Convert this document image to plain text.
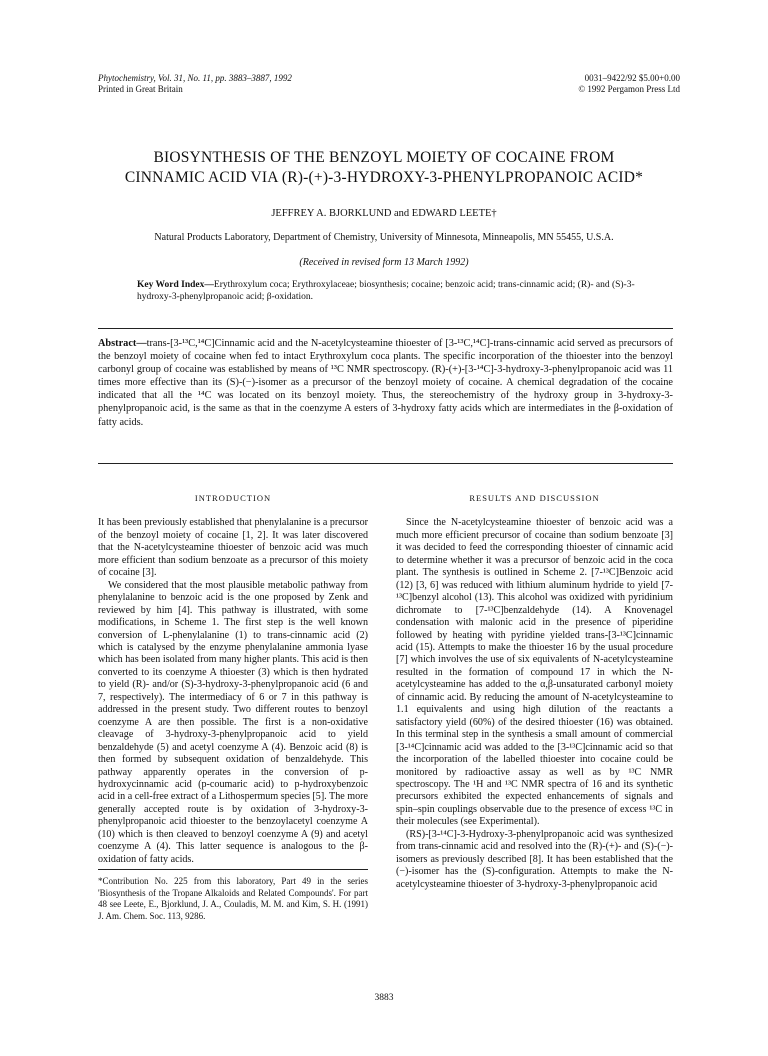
Phytochemistry, Vol. 31, No. 11, pp. 3883–3887, 1992
Printed in Great Britain
0031–9422/92 $5.00+0.00
© 1992 Pergamon Press Ltd
BIOSYNTHESIS OF THE BENZOYL MOIETY OF COCAINE FROM
CINNAMIC ACID VIA (R)-(+)-3-HYDROXY-3-PHENYLPROPANOIC ACID*
JEFFREY A. BJORKLUND and EDWARD LEETE†
Natural Products Laboratory, Department of Chemistry, University of Minnesota, Minneapolis, MN 55455, U.S.A.
(Received in revised form 13 March 1992)
Key Word Index—Erythroxylum coca; Erythroxylaceae; biosynthesis; cocaine; benzoic acid; trans-cinnamic acid; (R)- and (S)-3-hydroxy-3-phenylpropanoic acid; β-oxidation.
Abstract—trans-[3-¹³C,¹⁴C]Cinnamic acid and the N-acetylcysteamine thioester of [3-¹³C,¹⁴C]-trans-cinnamic acid served as precursors of the benzoyl moiety of cocaine when fed to intact Erythroxylum coca plants. The specific incorporation of the thioester into the benzoyl carbonyl group of cocaine was established by means of ¹³C NMR spectroscopy. (R)-(+)-[3-¹⁴C]-3-hydroxy-3-phenylpropanoic acid was 11 times more effective than its (S)-(−)-isomer as a precursor of the benzoyl moiety of cocaine. A chemical degradation of the cocaine indicated that all the ¹⁴C was located on its benzoyl moiety. Thus, the stereochemistry of the hydroxy group in 3-hydroxy-3-phenylpropanoic acid, is the same as that in the coenzyme A esters of 3-hydroxy fatty acids which are intermediates in the β-oxidation of fatty acids.
INTRODUCTION

It has been previously established that phenylalanine is a precursor of the benzoyl moiety of cocaine [1, 2]. It was later discovered that the N-acetylcysteamine thioester of benzoic acid was much more efficient than sodium benzoate as a precursor of this moiety of cocaine [3].

We considered that the most plausible metabolic pathway from phenylalanine to benzoic acid is the one proposed by Zenk and reviewed by him [4]. This pathway is illustrated, with some modifications, in Scheme 1. The first step is the well known conversion of L-phenylalanine (1) to trans-cinnamic acid (2) which is catalysed by the enzyme phenylalanine ammonia lyase which has been isolated from many higher plants. This acid is then converted to its coenzyme A thioester (3) which is then hydrated to yield (R)- and/or (S)-3-hydroxy-3-phenylpropanoic acid (6 and 7, respectively). The intermediacy of 6 or 7 in this pathway is addressed in the present study. Two different routes to benzoyl coenzyme A are then possible. The first is a non-oxidative cleavage of 3-hydroxy-3-phenylpropanoic acid to yield benzaldehyde (5) and acetyl coenzyme A (4). Benzoic acid (8) is then formed by subsequent oxidation of benzaldehyde. This pathway apparently operates in the conversion of p-hydroxycinnamic acid (p-coumaric acid) to p-hydroxybenzoic acid in a cell-free extract of a Lithospermum species [5]. The more generally accepted route is by oxidation of 3-hydroxy-3-phenylpropanoic acid thioester to the benzoylacetyl coenzyme A (10) which is then cleaved to benzoyl coenzyme A (9) and acetyl coenzyme A (4). This latter sequence is analogous to the β-oxidation of fatty acids.

*Contribution No. 225 from this laboratory, Part 49 in the series 'Biosynthesis of the Tropane Alkaloids and Related Compounds'. For part 48 see Leete, E., Bjorklund, J. A., Couladis, M. M. and Kim, S. H. (1991) J. Am. Chem. Soc. 113, 9286.
RESULTS AND DISCUSSION

Since the N-acetylcysteamine thioester of benzoic acid was a much more efficient precursor of cocaine than sodium benzoate [3] it was decided to feed the corresponding thioester of cinnamic acid to determine whether it was a precursor of benzoic acid in the coca plant. The synthesis is outlined in Scheme 2. [7-¹³C]Benzoic acid (12) [3, 6] was reduced with lithium aluminum hydride to yield [7-¹³C]benzyl alcohol (13). This alcohol was oxidized with pyridinium dichromate to [7-¹³C]benzaldehyde (14). A Knovenagel condensation with malonic acid in the presence of piperidine followed by heating with pyridine yielded trans-[3-¹³C]cinnamic acid (15). Attempts to make the thioester 16 by the usual procedure [7] which involves the use of six equivalents of N-acetylcysteamine resulted in the formation of compound 17 in which the N-acetylcysteamine has added to the α,β-unsaturated carbonyl moiety of cinnamic acid. By reducing the amount of N-acetylcysteamine to 1.1 equivalents and using high dilution of the reactants a satisfactory yield (60%) of the desired thioester (16) was obtained. In this terminal step in the synthesis a small amount of commercial [3-¹⁴C]cinnamic acid was added to the [3-¹³C]cinnamic acid so that the incorporation of the labelled thioester into cocaine could be monitored by radioactive assay as well as by ¹³C NMR spectroscopy. The ¹H and ¹³C NMR spectra of 16 and its synthetic precursors exhibited the expected enhancements of signals and spin–spin couplings observable due to the presence of excess ¹³C in their molecules (see Experimental).

(RS)-[3-¹⁴C]-3-Hydroxy-3-phenylpropanoic acid was synthesized from trans-cinnamic acid and resolved into the (R)-(+)- and (S)-(−)-isomers as previously described [8]. It has been established that the (−)-isomer has the (S)-configuration. Attempts to make the N-acetylcysteamine thioester of 3-hydroxy-3-phenylpropanoic acid

3883
